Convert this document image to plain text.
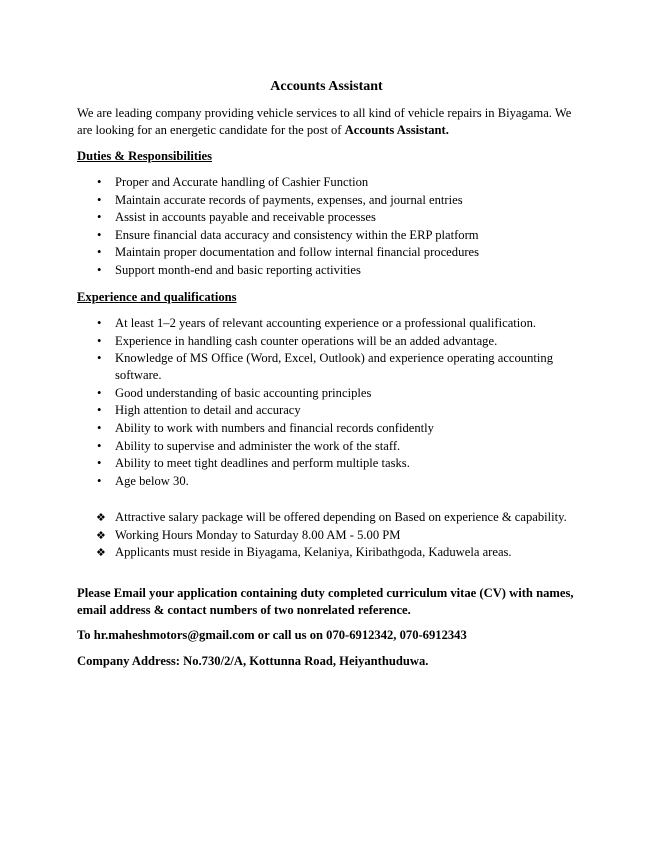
Accounts Assistant
We are leading company providing vehicle services to all kind of vehicle repairs in Biyagama. We are looking for an energetic candidate for the post of Accounts Assistant.
Duties & Responsibilities
• Proper and Accurate handling of Cashier Function
• Maintain accurate records of payments, expenses, and journal entries
• Assist in accounts payable and receivable processes
• Ensure financial data accuracy and consistency within the ERP platform
• Maintain proper documentation and follow internal financial procedures
• Support month-end and basic reporting activities
Experience and qualifications
• At least 1–2 years of relevant accounting experience or a professional qualification.
• Experience in handling cash counter operations will be an added advantage.
• Knowledge of MS Office (Word, Excel, Outlook) and experience operating accounting software.
• Good understanding of basic accounting principles
• High attention to detail and accuracy
• Ability to work with numbers and financial records confidently
• Ability to supervise and administer the work of the staff.
• Ability to meet tight deadlines and perform multiple tasks.
• Age below 30.
❖ Attractive salary package will be offered depending on Based on experience & capability.
❖ Working Hours Monday to Saturday 8.00 AM - 5.00 PM
❖ Applicants must reside in Biyagama, Kelaniya, Kiribathgoda, Kaduwela areas.
Please Email your application containing duty completed curriculum vitae (CV) with names, email address & contact numbers of two nonrelated reference.
To hr.maheshmotors@gmail.com or call us on 070-6912342, 070-6912343
Company Address: No.730/2/A, Kottunna Road, Heiyanthuduwa.
